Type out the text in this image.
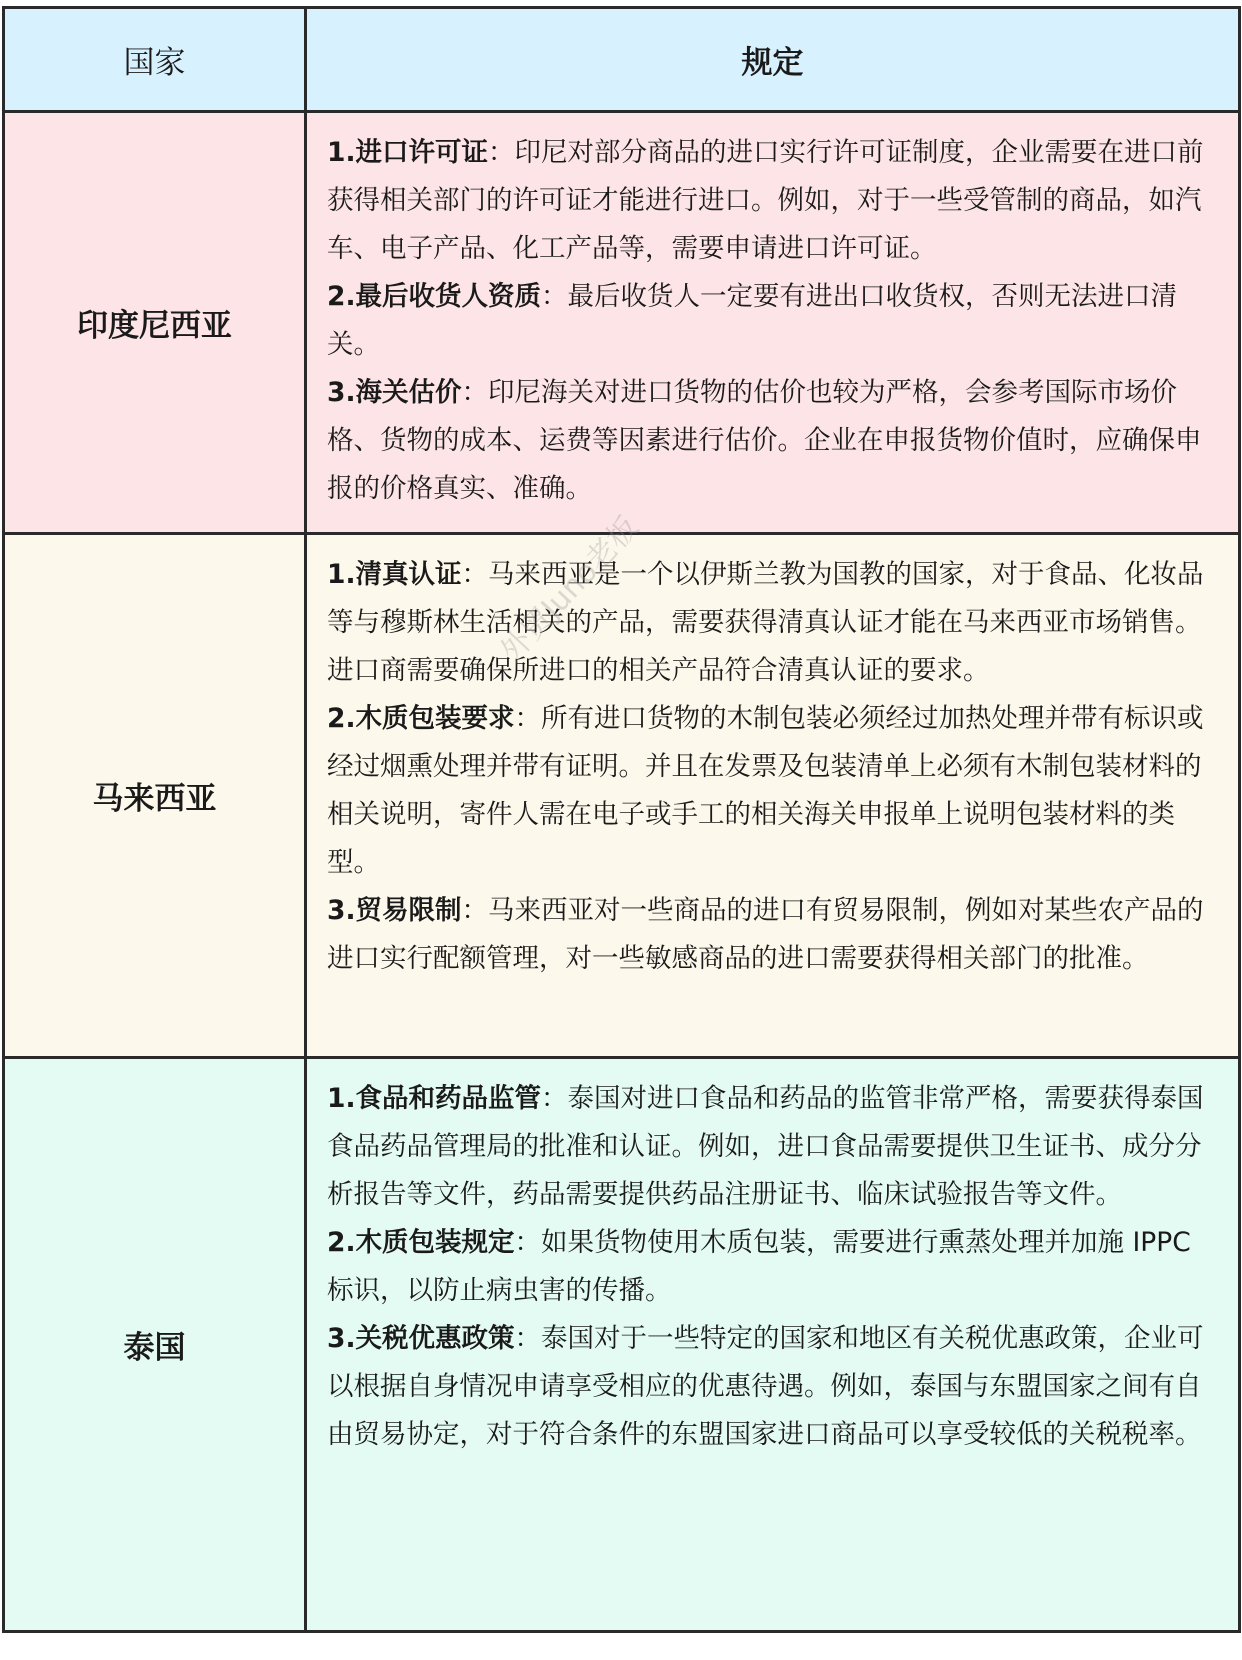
国家	规定
印度尼西亚	1.进口许可证：印尼对部分商品的进口实行许可证制度，企业需要在进口前获得相关部门的许可证才能进行进口。例如，对于一些受管制的商品，如汽车、电子产品、化工产品等，需要申请进口许可证。

2.最后收货人资质：最后收货人一定要有进出口收货权，否则无法进口清关。

3.海关估价：印尼海关对进口货物的估价也较为严格，会参考国际市场价格、货物的成本、运费等因素进行估价。企业在申报货物价值时，应确保申报的价格真实、准确。

马来西亚	1.清真认证：马来西亚是一个以伊斯兰教为国教的国家，对于食品、化妆品等与穆斯林生活相关的产品，需要获得清真认证才能在马来西亚市场销售。进口商需要确保所进口的相关产品符合清真认证的要求。

2.木质包装要求：所有进口货物的木制包装必须经过加热处理并带有标识或经过烟熏处理并带有证明。并且在发票及包装清单上必须有木制包装材料的相关说明，寄件人需在电子或手工的相关海关申报单上说明包装材料的类型。

3.贸易限制：马来西亚对一些商品的进口有贸易限制，例如对某些农产品的进口实行配额管理，对一些敏感商品的进口需要获得相关部门的批准。

泰国	1.食品和药品监管：泰国对进口食品和药品的监管非常严格，需要获得泰国食品药品管理局的批准和认证。例如，进口食品需要提供卫生证书、成分分析报告等文件，药品需要提供药品注册证书、临床试验报告等文件。

2.木质包装规定：如果货物使用木质包装，需要进行熏蒸处理并加施 IPPC 标识，以防止病虫害的传播。

3.关税优惠政策：泰国对于一些特定的国家和地区有关税优惠政策，企业可以根据自身情况申请享受相应的优惠待遇。例如，泰国与东盟国家之间有自由贸易协定，对于符合条件的东盟国家进口商品可以享受较低的关税税率。

外贸Juno老板
